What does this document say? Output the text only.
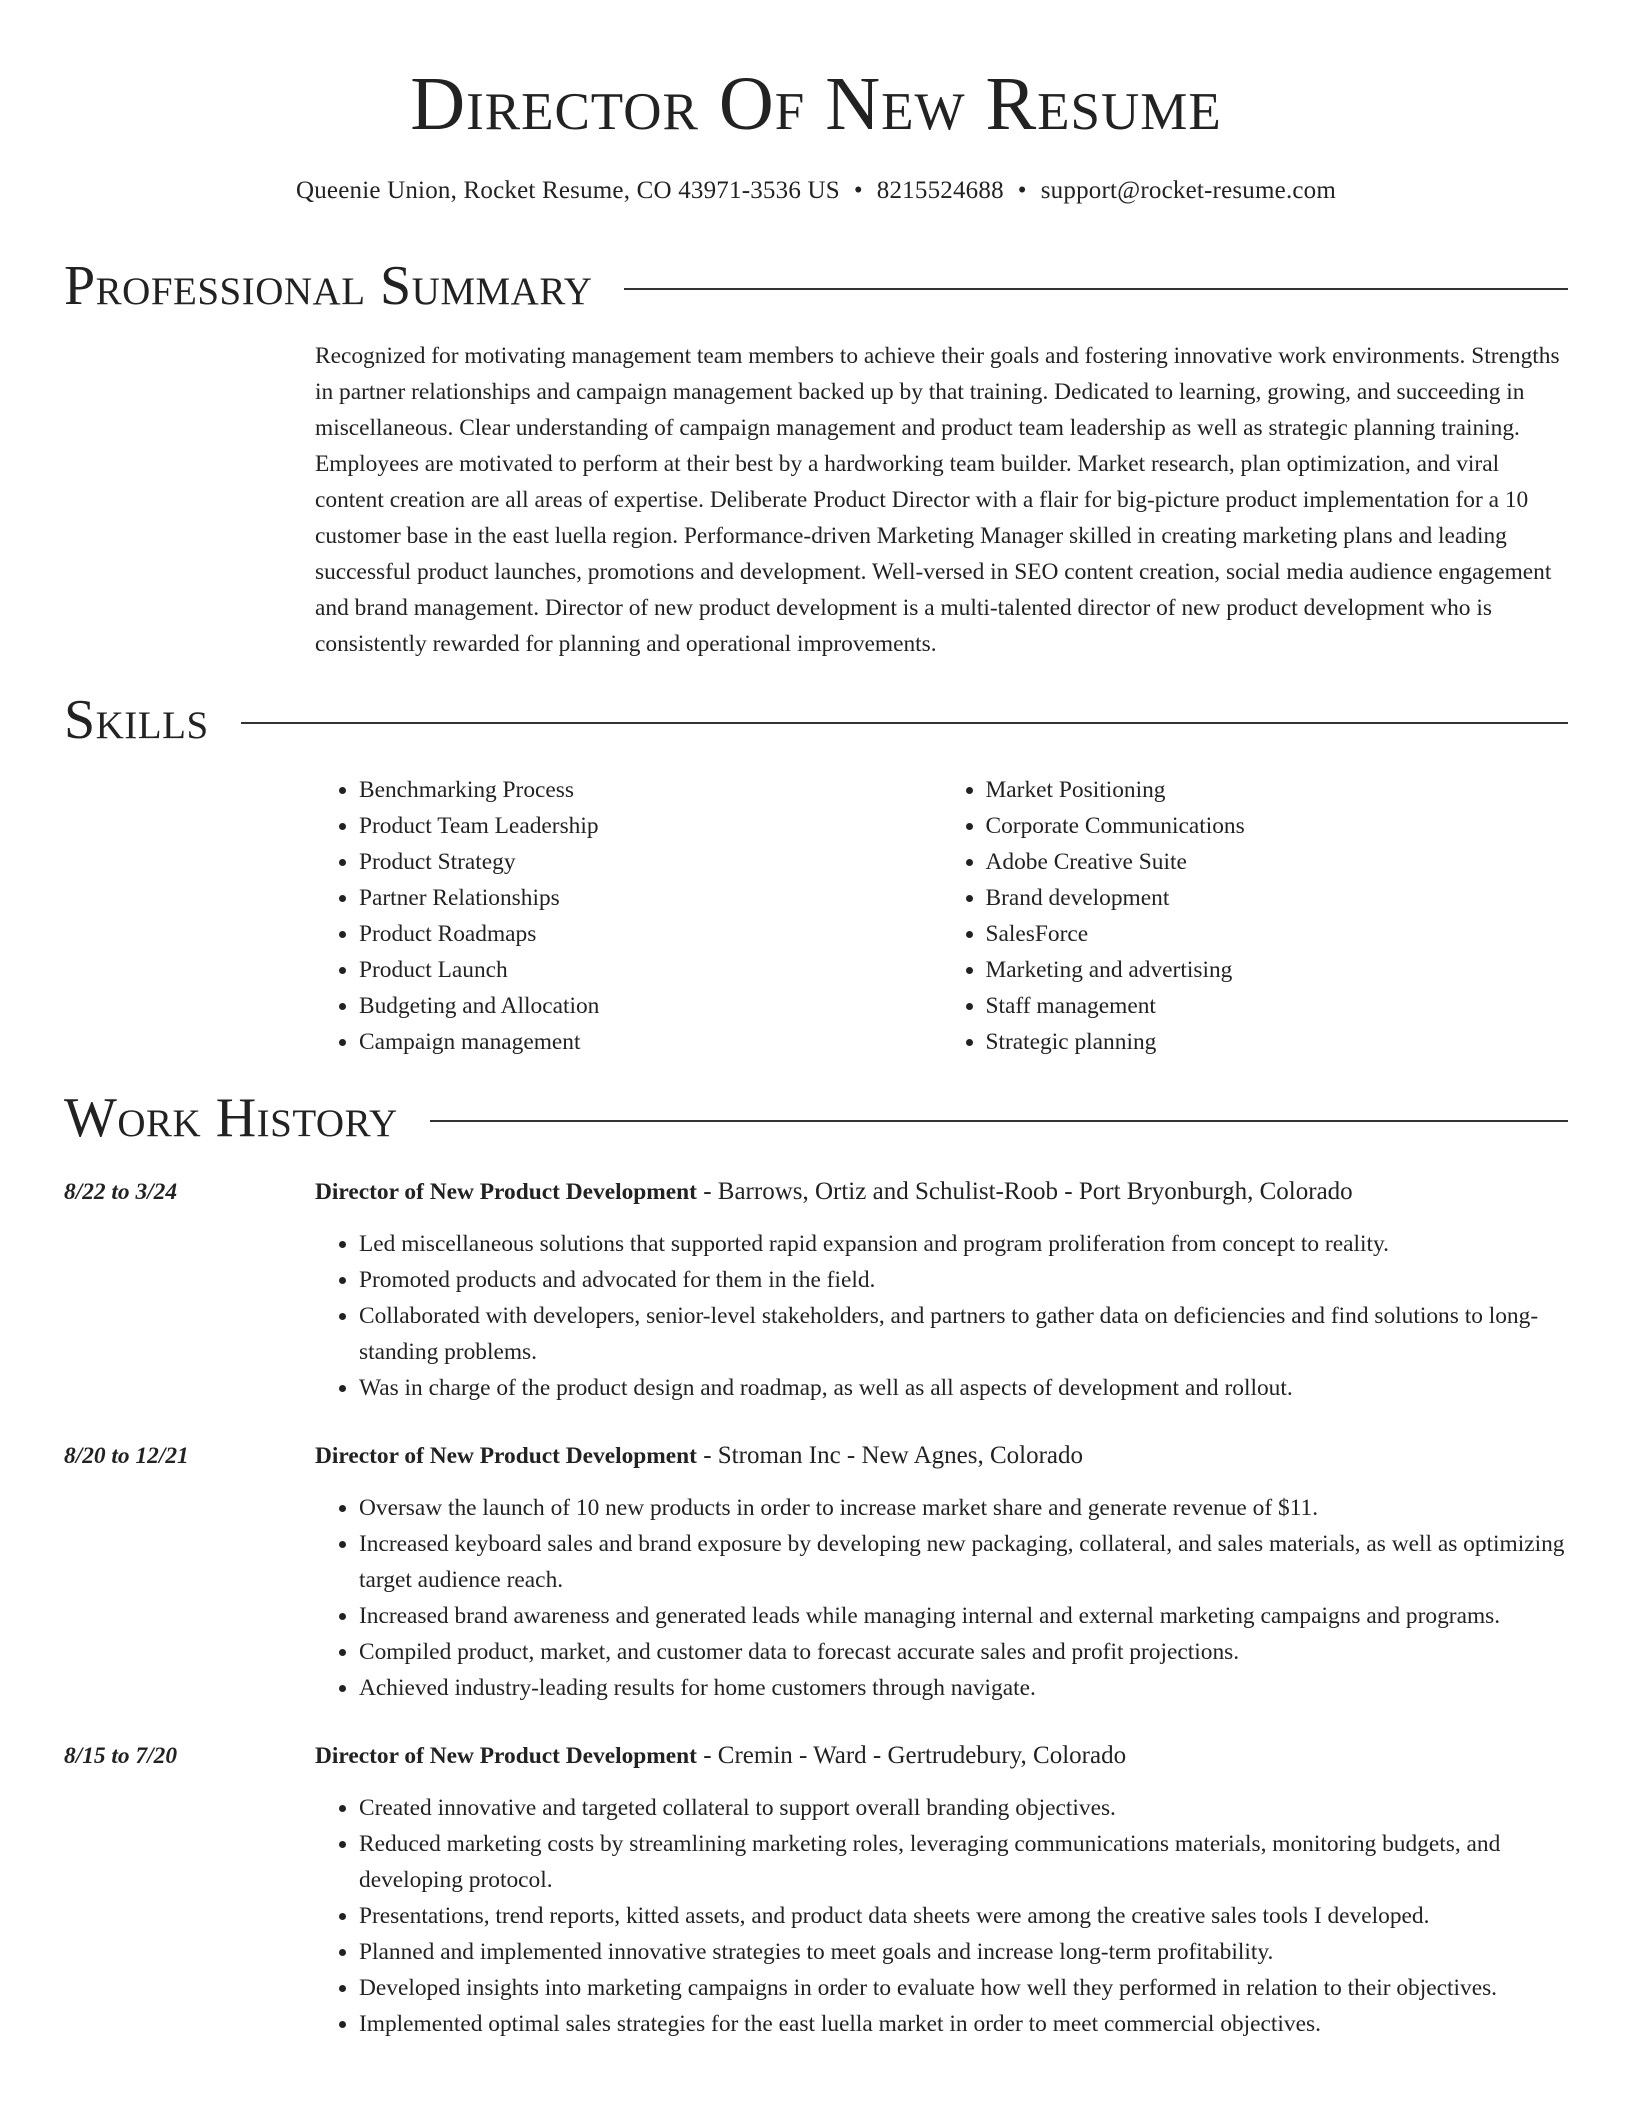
Director Of New Resume
Queenie Union, Rocket Resume, CO 43971-3536 US • 8215524688 • support@rocket-resume.com
Professional Summary
Recognized for motivating management team members to achieve their goals and fostering innovative work environments. Strengths in partner relationships and campaign management backed up by that training. Dedicated to learning, growing, and succeeding in miscellaneous. Clear understanding of campaign management and product team leadership as well as strategic planning training. Employees are motivated to perform at their best by a hardworking team builder. Market research, plan optimization, and viral content creation are all areas of expertise. Deliberate Product Director with a flair for big-picture product implementation for a 10 customer base in the east luella region. Performance-driven Marketing Manager skilled in creating marketing plans and leading successful product launches, promotions and development. Well-versed in SEO content creation, social media audience engagement and brand management. Director of new product development is a multi-talented director of new product development who is consistently rewarded for planning and operational improvements.
Skills
• Benchmarking Process
• Product Team Leadership
• Product Strategy
• Partner Relationships
• Product Roadmaps
• Product Launch
• Budgeting and Allocation
• Campaign management
• Market Positioning
• Corporate Communications
• Adobe Creative Suite
• Brand development
• SalesForce
• Marketing and advertising
• Staff management
• Strategic planning
Work History
8/22 to 3/24	Director of New Product Development - Barrows, Ortiz and Schulist-Roob - Port Bryonburgh, Colorado
• Led miscellaneous solutions that supported rapid expansion and program proliferation from concept to reality.
• Promoted products and advocated for them in the field.
• Collaborated with developers, senior-level stakeholders, and partners to gather data on deficiencies and find solutions to long-standing problems.
• Was in charge of the product design and roadmap, as well as all aspects of development and rollout.
8/20 to 12/21	Director of New Product Development - Stroman Inc - New Agnes, Colorado
• Oversaw the launch of 10 new products in order to increase market share and generate revenue of $11.
• Increased keyboard sales and brand exposure by developing new packaging, collateral, and sales materials, as well as optimizing target audience reach.
• Increased brand awareness and generated leads while managing internal and external marketing campaigns and programs.
• Compiled product, market, and customer data to forecast accurate sales and profit projections.
• Achieved industry-leading results for home customers through navigate.
8/15 to 7/20	Director of New Product Development - Cremin - Ward - Gertrudebury, Colorado
• Created innovative and targeted collateral to support overall branding objectives.
• Reduced marketing costs by streamlining marketing roles, leveraging communications materials, monitoring budgets, and developing protocol.
• Presentations, trend reports, kitted assets, and product data sheets were among the creative sales tools I developed.
• Planned and implemented innovative strategies to meet goals and increase long-term profitability.
• Developed insights into marketing campaigns in order to evaluate how well they performed in relation to their objectives.
• Implemented optimal sales strategies for the east luella market in order to meet commercial objectives.
